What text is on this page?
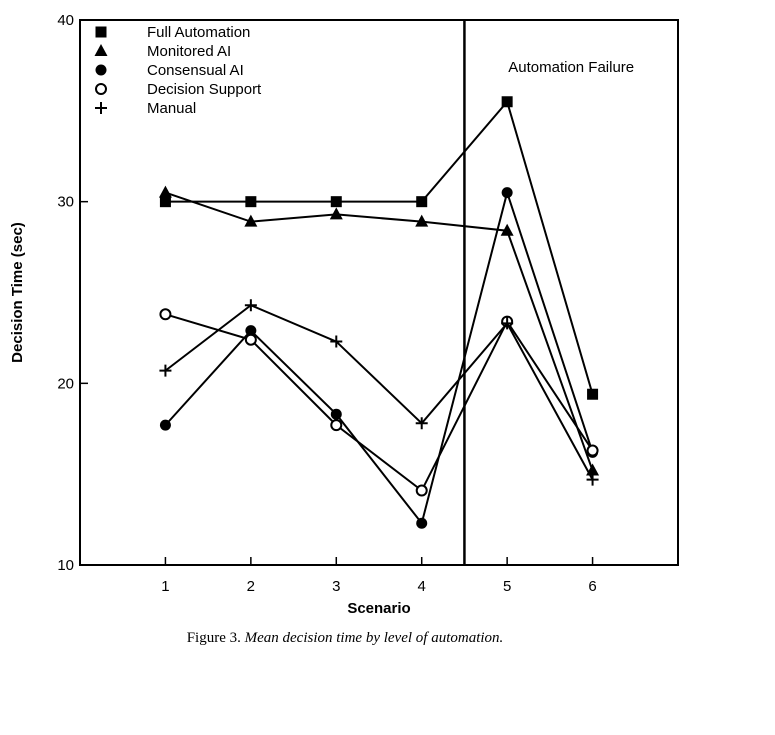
10
20
30
40
1	2	3	4	5	6
Full Automation
Monitored AI
Consensual AI
Decision Support
Manual
Decision Time (sec)
Scenario
Automation Failure
Figure 3. Mean decision time by level of automation.
